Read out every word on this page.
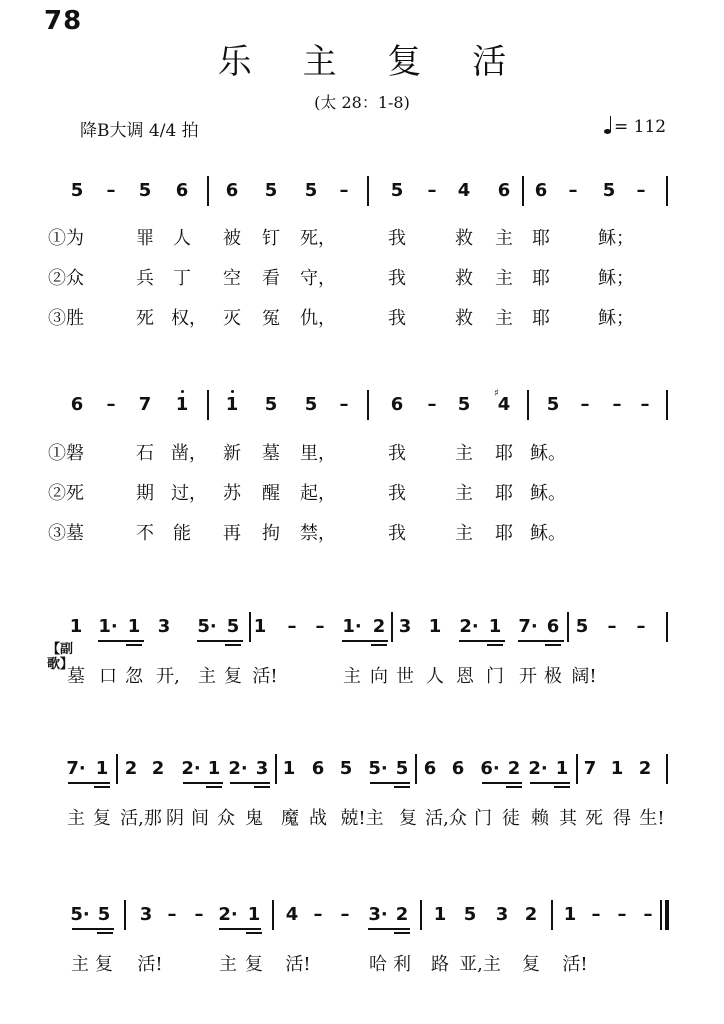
78
乐 主 复 活
(太 28：1-8)
降B大调 4/4 拍	= 112
5 – 5 6 6 5 5 – 5 – 4 6 6 – 5 –
①为	罪 人 被 钉 死，	我	救 主 耶	稣；
②众	兵 丁 空 看 守，	我	救 主 耶	稣；
③胜	死 权， 灭 冤 仇，	我	救 主 耶	稣；
6 – 7 1 1 5 5 – 6 – 5 4 5 – – –
♯
①磐	石 凿， 新 墓 里，	我	主 耶 稣。
②死	期 过， 苏 醒 起，	我	主 耶 稣。
③墓	不 能 再 拘 禁，	我	主 耶 稣。
1 1· 1 3 5· 5 1 – – 1· 2 3 1 2· 1 7· 6 5 – –
【副歌】
墓 口 忽 开, 主 复 活!	主 向 世 人 恩 门 开 极 阔!
7· 1 2 2 2· 1 2· 3 1 6 5 5· 5 6 6 6· 2 2· 1 7 1 2
主 复 活,那 阴 间 众 鬼 魔 战 兢!主 复 活,众 门 徒 赖 其 死 得 生!
5· 5 3 – – 2· 1 4 – – 3· 2 1 5 3 2 1 – – –
主 复 活!	主 复 活!	哈 利 路 亚,主 复 活!
